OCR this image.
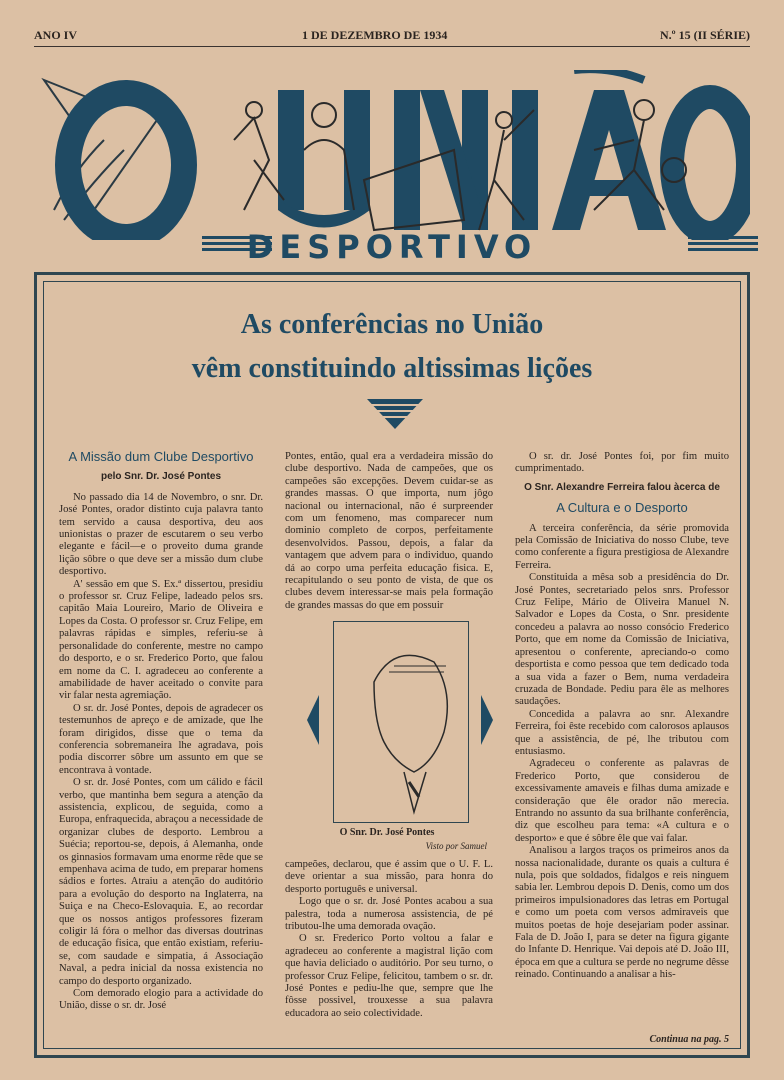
ANO IV	1 DE DEZEMBRO DE 1934	N.º 15 (II SÉRIE)
DESPORTIVO
As conferências no União
vêm constituindo altissimas lições
A Missão dum Clube Desportivo
pelo Snr. Dr. José Pontes

No passado dia 14 de Novembro, o snr. Dr. José Pontes, orador distinto cuja palavra tanto tem servido a causa desportiva, deu aos unionistas o prazer de escutarem o seu verbo elegante e fácil—e o proveito duma grande lição sôbre o que deve ser a missão dum clube desportivo.

A' sessão em que S. Ex.ª dissertou, presidiu o professor sr. Cruz Felipe, ladeado pelos srs. capitão Maia Loureiro, Mario de Oliveira e Lopes da Costa. O professor sr. Cruz Felipe, em palavras rápidas e simples, referiu-se à personalidade do conferente, mestre no campo do desporto, e o sr. Frederico Porto, que falou em nome da C. I. agradeceu ao conferente a amabilidade de haver aceitado o convite para vir falar nesta agremiação.

O sr. dr. José Pontes, depois de agradecer os testemunhos de apreço e de amizade, que lhe foram dirigidos, disse que o tema da conferencia sobremaneira lhe agradava, pois podia discorrer sôbre um assunto em que se encontrava à vontade.

O sr. dr. José Pontes, com um cálido e fácil verbo, que mantinha bem segura a atenção da assistencia, explicou, de seguida, como a Europa, enfraquecida, abraçou a necessidade de organizar clubes de desporto. Lembrou a Suécia; reportou-se, depois, á Alemanha, onde os ginnasios formavam uma enorme rêde que se empenhava acima de tudo, em preparar homens sádios e fortes. Atraiu a atenção do auditório para a evolução do desporto na Inglaterra, na Suiça e na Checo-Eslovaquia. E, ao recordar que os nossos antigos professores fizeram coligir lá fóra o melhor das diversas doutrinas de educação fisica, que então existiam, referiu-se, com saudade e simpatia, á Associação Naval, a pedra inicial da nossa existencia no campo do desporto organizado.

Com demorado elogio para a actividade do União, disse o sr. dr. José

Pontes, então, qual era a verdadeira missão do clube desportivo. Nada de campeões, que os campeões são excepções. Devem cuidar-se as grandes massas. O que importa, num jôgo nacional ou internacional, não é surpreender com um fenomeno, mas comparecer num dominio completo de corpos, perfeitamente desenvolvidos. Passou, depois, a falar da vantagem que advem para o individuo, quando dá ao corpo uma perfeita educação fisica. E, recapitulando o seu ponto de vista, de que os clubes devem interessar-se mais pela formação de grandes massas do que em possuir

O Snr. Dr. José Pontes
Visto por Samuel

campeões, declarou, que é assim que o U. F. L. deve orientar a sua missão, para honra do desporto português e universal.

Logo que o sr. dr. José Pontes acabou a sua palestra, toda a numerosa assistencia, de pé tributou-lhe uma demorada ovação.

O sr. Frederico Porto voltou a falar e agradeceu ao conferente a magistral lição com que havia deliciado o auditório. Por seu turno, o professor Cruz Felipe, felicitou, tambem o sr. dr. José Pontes e pediu-lhe que, sempre que lhe fôsse possivel, trouxesse a sua palavra educadora ao seio colectividade.

O sr. dr. José Pontes foi, por fim muito cumprimentado.

O Snr. Alexandre Ferreira falou àcerca de
A Cultura e o Desporto

A terceira conferência, da série promovida pela Comissão de Iniciativa do nosso Clube, teve como conferente a figura prestigiosa de Alexandre Ferreira.

Constituida a mêsa sob a presidência do Dr. José Pontes, secretariado pelos snrs. Professor Cruz Felipe, Mário de Oliveira Manuel N. Salvador e Lopes da Costa, o Snr. presidente concedeu a palavra ao nosso consócio Frederico Porto, que em nome da Comissão de Iniciativa, apresentou o conferente, apreciando-o como desportista e como pessoa que tem dedicado toda a sua vida a fazer o Bem, numa verdadeira cruzada de Bondade. Pediu para êle as melhores saudações.

Concedida a palavra ao snr. Alexandre Ferreira, foi êste recebido com calorosos aplausos que a assistência, de pé, lhe tributou com entusiasmo.

Agradeceu o conferente as palavras de Frederico Porto, que considerou de excessivamente amaveis e filhas duma amizade e consideração que êle orador não merecia. Entrando no assunto da sua brilhante conferência, diz que escolheu para tema: «A cultura e o desporto» e que é sôbre êle que vai falar.

Analisou a largos traços os primeiros anos da nossa nacionalidade, durante os quais a cultura é nula, pois que soldados, fidalgos e reis ninguem sabia ler. Lembrou depois D. Denis, como um dos primeiros impulsionadores das letras em Portugal e como um poeta com versos admiraveis que muitos poetas de hoje desejariam poder assinar. Fala de D. João I, para se deter na figura gigante do Infante D. Henrique. Vai depois até D. João III, época em que a cultura se perde no negrume dêsse reinado. Continuando a analisar a his-

Continua na pag. 5
